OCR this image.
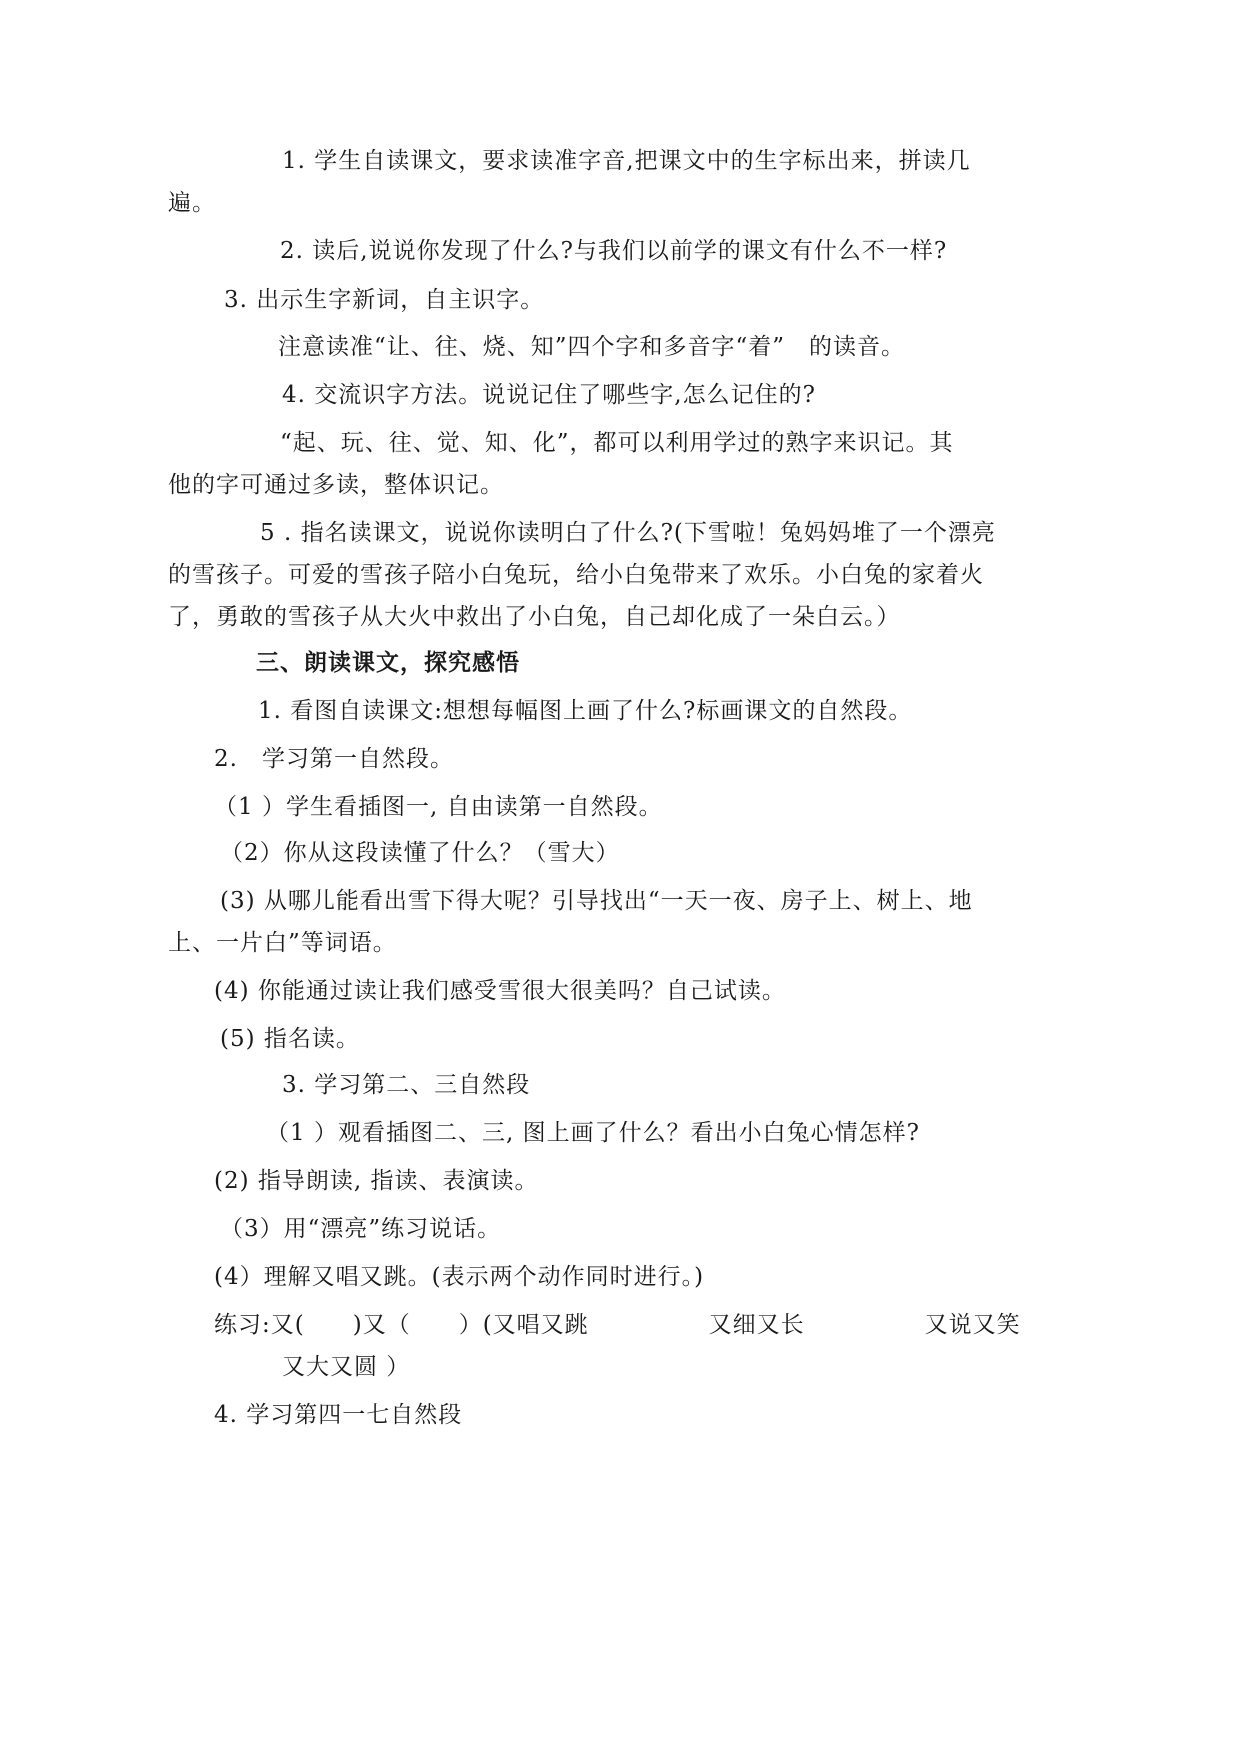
1. 学生自读课文，要求读准字音,把课文中的生字标出来，拼读几
遍。
2. 读后,说说你发现了什么?与我们以前学的课文有什么不一样?
3. 出示生字新词，自主识字。
注意读准“让、往、烧、知”四个字和多音字“着”　的读音。
4. 交流识字方法。说说记住了哪些字,怎么记住的?
“起、玩、往、觉、知、化”，都可以利用学过的熟字来识记。其
他的字可通过多读，整体识记。
5 . 指名读课文，说说你读明白了什么?(下雪啦！兔妈妈堆了一个漂亮
的雪孩子。可爱的雪孩子陪小白兔玩，给小白兔带来了欢乐。小白兔的家着火
了，勇敢的雪孩子从大火中救出了小白兔，自己却化成了一朵白云。）
三、朗读课文，探究感悟
1. 看图自读课文:想想每幅图上画了什么?标画课文的自然段。
2.　学习第一自然段。
（1 ）学生看插图一, 自由读第一自然段。
（2）你从这段读懂了什么？（雪大）
(3) 从哪儿能看出雪下得大呢？引导找出“一天一夜、房子上、树上、地
上、一片白”等词语。
(4) 你能通过读让我们感受雪很大很美吗？自己试读。
(5) 指名读。
3. 学习第二、三自然段
（1 ）观看插图二、三, 图上画了什么？看出小白兔心情怎样?
(2) 指导朗读, 指读、表演读。
（3）用“漂亮”练习说话。
(4）理解又唱又跳。(表示两个动作同时进行。)
练习:又(　　)又（　　）(又唱又跳　　　　　又细又长　　　　　又说又笑
又大又圆 ）
4. 学习第四一七自然段
